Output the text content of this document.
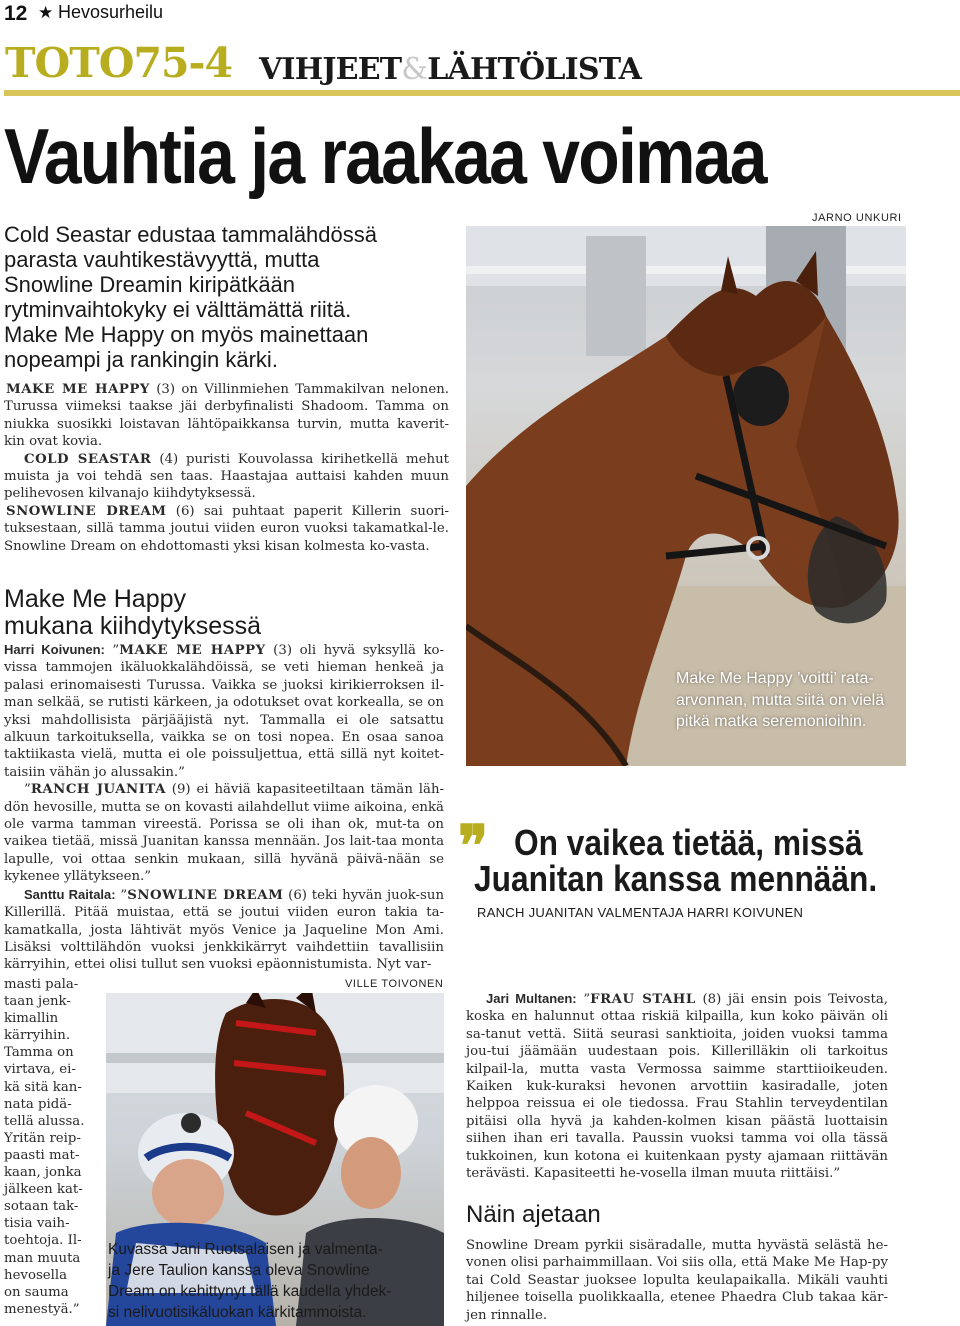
12 ★ Hevosurheilu
TOTO75-4 VIHJEET&LÄHTÖLISTA
Vauhtia ja raakaa voimaa
Cold Seastar edustaa tammalähdössä
parasta vauhtikestävyyttä, mutta
Snowline Dreamin kiripätkään
rytminvaihtokyky ei välttämättä riitä.
Make Me Happy on myös mainettaan
nopeampi ja rankingin kärki.

MAKE ME HAPPY (3) on Villinmiehen Tammakilvan nelonen. Turussa viimeksi taakse jäi derbyfinalisti Shadoom. Tamma on niukka suosikki loistavan lähtöpaikkansa turvin, mutta kaverit-kin ovat kovia.

COLD SEASTAR (4) puristi Kouvolassa kirihetkellä mehut muista ja voi tehdä sen taas. Haastajaa auttaisi kahden muun pelihevosen kilvanajo kiihdytyksessä.

SNOWLINE DREAM (6) sai puhtaat paperit Killerin suori-tuksestaan, sillä tamma joutui viiden euron vuoksi takamatkal-le. Snowline Dream on ehdottomasti yksi kisan kolmesta ko-vasta.

Make Me Happy
mukana kiihdytyksessä

Harri Koivunen: ”MAKE ME HAPPY (3) oli hyvä syksyllä ko-vissa tammojen ikäluokkalähdöissä, se veti hieman henkeä ja palasi erinomaisesti Turussa. Vaikka se juoksi kirikierroksen il-man selkää, se rutisti kärkeen, ja odotukset ovat korkealla, se on yksi mahdollisista pärjääjistä nyt. Tammalla ei ole satsattu alkuun tarkoituksella, vaikka se on tosi nopea. En osaa sanoa taktiikasta vielä, mutta ei ole poissuljettua, että sillä nyt koitet-taisiin vähän jo alussakin.”

”RANCH JUANITA (9) ei häviä kapasiteetiltaan tämän läh-dön hevosille, mutta se on kovasti ailahdellut viime aikoina, enkä ole varma tamman vireestä. Porissa se oli ihan ok, mut-ta on vaikea tietää, missä Juanitan kanssa mennään. Jos lait-taa monta lapulle, voi ottaa senkin mukaan, sillä hyvänä päivä-nään se kykenee yllätykseen.”

Santtu Raitala: ”SNOWLINE DREAM (6) teki hyvän juok-sun Killerillä. Pitää muistaa, että se joutui viiden euron takia ta-kamatkalla, josta lähtivät myös Venice ja Jaqueline Mon Ami. Lisäksi volttilähdön vuoksi jenkkikärryt vaihdettiin tavallisiin kärryihin, ettei olisi tullut sen vuoksi epäonnistumista. Nyt var-

masti pala-
taan jenk-
kimallin
kärryihin.
Tamma on
virtava, ei-
kä sitä kan-
nata pidä-
tellä alussa.
Yritän reip-
paasti mat-
kaan, jonka
jälkeen kat-
sotaan tak-
tisia vaih-
toehtoja. Il-
man muuta
hevosella
on sauma
menestyä.”
JARNO UNKURI
Make Me Happy ’voitti’ rata-arvonnan, mutta siitä on vielä pitkä matka seremonioihin.
❞ On vaikea tietää, missä
Juanitan kanssa mennään.
RANCH JUANITAN VALMENTAJA HARRI KOIVUNEN

Jari Multanen: ”FRAU STAHL (8) jäi ensin pois Teivosta, koska en halunnut ottaa riskiä kilpailla, kun koko päivän oli sa-tanut vettä. Siitä seurasi sanktioita, joiden vuoksi tamma jou-tui jäämään uudestaan pois. Killerilläkin oli tarkoitus kilpail-la, mutta vasta Vermossa saimme starttiioikeuden. Kaiken kuk-kuraksi hevonen arvottiin kasiradalle, joten helppoa reissua ei ole tiedossa. Frau Stahlin terveydentilan pitäisi olla hyvä ja kahden-kolmen kisan päästä luottaisin siihen ihan eri tavalla. Paussin vuoksi tamma voi olla tässä tukkoinen, kun kotona ei kuitenkaan pysty ajamaan riittävän terävästi. Kapasiteetti he-vosella ilman muuta riittäisi.”

Näin ajetaan
Snowline Dream pyrkii sisäradalle, mutta hyvästä selästä he-vonen olisi parhaimmillaan. Voi siis olla, että Make Me Hap-py tai Cold Seastar juoksee lopulta keulapaikalla. Mikäli vauhti hiljenee toisella puolikkaalla, etenee Phaedra Club takaa kär-jen rinnalle.
VILLE TOIVONEN
Kuvassa Jani Ruotsalaisen ja valmenta-
ja Jere Taulion kanssa oleva Snowline
Dream on kehittynyt tällä kaudella yhdek-
si nelivuotisikäluokan kärkitammoista.
